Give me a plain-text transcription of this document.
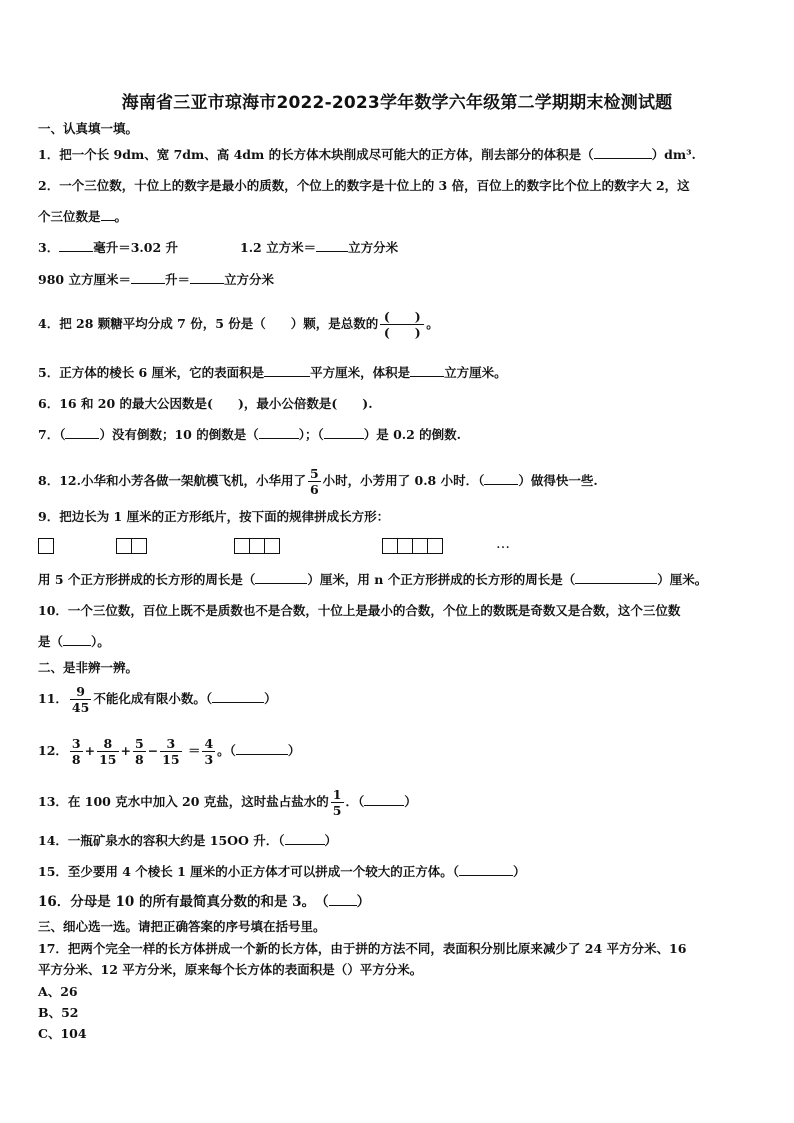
海南省三亚市琼海市2022-2023学年数学六年级第二学期期末检测试题
一、认真填一填。
1．把一个长 9dm、宽 7dm、高 4dm 的长方体木块削成尽可能大的正方体，削去部分的体积是（	）dm³.
2．一个三位数，十位上的数字是最小的质数，个位上的数字是十位上的 3 倍，百位上的数字比个位上的数字大 2，这
个三位数是 。
3．	毫升＝3.02 升	1.2 立方米＝	立方分米
980 立方厘米＝	升＝	立方分米
4．把 28 颗糖平均分成 7 份，5 份是（　　）颗，是总数的 $\frac{( )}{( )}$ 。
5．正方体的棱长 6 厘米，它的表面积是	平方厘米，体积是	立方厘米。
6．16 和 20 的最大公因数是(　　)，最小公倍数是(　　).
7．（	）没有倒数；10 的倒数是（	）；（	）是 0.2 的倒数.
8．12.小华和小芳各做一架航模飞机，小华用了 $\frac{5}{6}$ 小时，小芳用了 0.8 小时．（	）做得快一些.
9．把边长为 1 厘米的正方形纸片，按下面的规律拼成长方形：
…
用 5 个正方形拼成的长方形的周长是（	）厘米，用 n 个正方形拼成的长方形的周长是（	）厘米。
10．一个三位数，百位上既不是质数也不是合数，十位上是最小的合数，个位上的数既是奇数又是合数，这个三位数
是（ ）。
二、是非辨一辨。
11． $\frac{9}{45}$ 不能化成有限小数。（	）
12． $\frac{3}{8} + \frac{8}{15} + \frac{5}{8} - \frac{3}{15} = \frac{4}{3}$ 。（	）
13．在 100 克水中加入 20 克盐，这时盐占盐水的 $\frac{1}{5}$ ．（	）
14．一瓶矿泉水的容积大约是 15OO 升．（	）
15．至少要用 4 个棱长 1 厘米的小正方体才可以拼成一个较大的正方体。（	）
16．分母是 10 的所有最简真分数的和是 3。　（ ）
三、细心选一选。请把正确答案的序号填在括号里。
17．把两个完全一样的长方体拼成一个新的长方体，由于拼的方法不同，表面积分别比原来减少了 24 平方分米、16
平方分米、12 平方分米，原来每个长方体的表面积是（）平方分米。
A、26
B、52
C、104
